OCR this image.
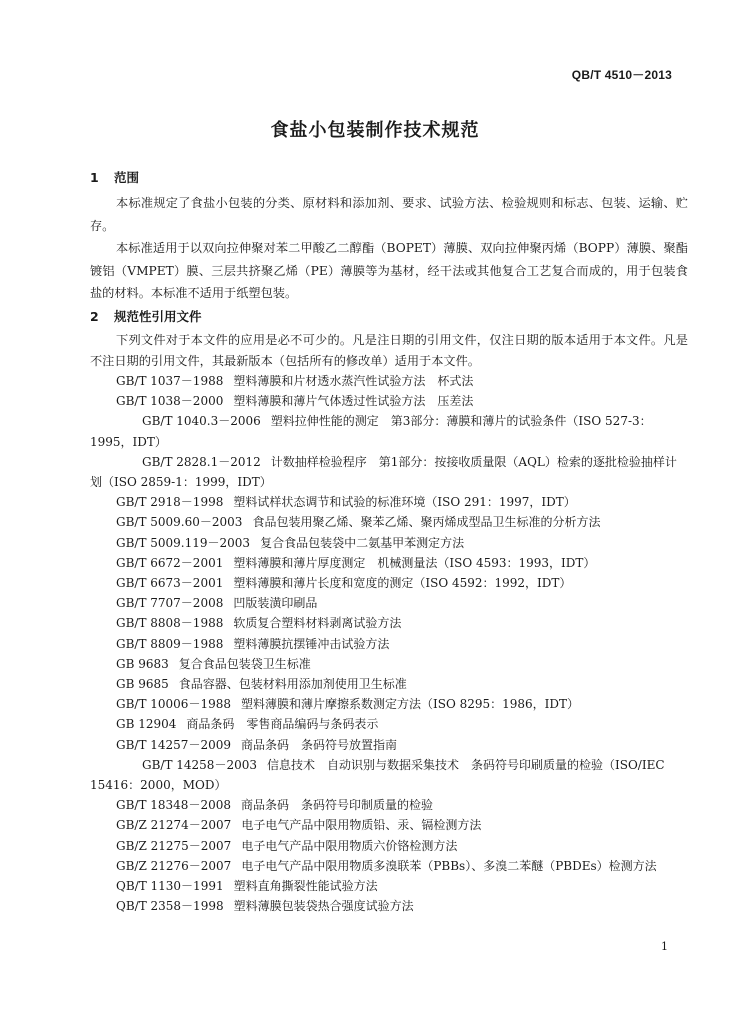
QB/T 4510－2013
食盐小包装制作技术规范
1 范围
本标准规定了食盐小包装的分类、原材料和添加剂、要求、试验方法、检验规则和标志、包装、运输、贮存。
本标准适用于以双向拉伸聚对苯二甲酸乙二醇酯（BOPET）薄膜、双向拉伸聚丙烯（BOPP）薄膜、聚酯镀铝（VMPET）膜、三层共挤聚乙烯（PE）薄膜等为基材，经干法或其他复合工艺复合而成的，用于包装食盐的材料。本标准不适用于纸塑包装。
2 规范性引用文件
下列文件对于本文件的应用是必不可少的。凡是注日期的引用文件，仅注日期的版本适用于本文件。凡是不注日期的引用文件，其最新版本（包括所有的修改单）适用于本文件。
GB/T 1037－1988 塑料薄膜和片材透水蒸汽性试验方法　杯式法
GB/T 1038－2000 塑料薄膜和薄片气体透过性试验方法　压差法
GB/T 1040.3－2006 塑料拉伸性能的测定　第3部分：薄膜和薄片的试验条件（ISO 527-3：1995，IDT）
GB/T 2828.1－2012 计数抽样检验程序　第1部分：按接收质量限（AQL）检索的逐批检验抽样计划（ISO 2859-1：1999，IDT）
GB/T 2918－1998 塑料试样状态调节和试验的标准环境（ISO 291：1997，IDT）
GB/T 5009.60－2003 食品包装用聚乙烯、聚苯乙烯、聚丙烯成型品卫生标准的分析方法
GB/T 5009.119－2003 复合食品包装袋中二氨基甲苯测定方法
GB/T 6672－2001 塑料薄膜和薄片厚度测定　机械测量法（ISO 4593：1993，IDT）
GB/T 6673－2001 塑料薄膜和薄片长度和宽度的测定（ISO 4592：1992，IDT）
GB/T 7707－2008 凹版装潢印刷品
GB/T 8808－1988 软质复合塑料材料剥离试验方法
GB/T 8809－1988 塑料薄膜抗摆锤冲击试验方法
GB 9683 复合食品包装袋卫生标准
GB 9685 食品容器、包装材料用添加剂使用卫生标准
GB/T 10006－1988 塑料薄膜和薄片摩擦系数测定方法（ISO 8295：1986，IDT）
GB 12904 商品条码　零售商品编码与条码表示
GB/T 14257－2009 商品条码　条码符号放置指南
GB/T 14258－2003 信息技术　自动识别与数据采集技术　条码符号印刷质量的检验（ISO/IEC 15416：2000，MOD）
GB/T 18348－2008 商品条码　条码符号印制质量的检验
GB/Z 21274－2007 电子电气产品中限用物质铅、汞、镉检测方法
GB/Z 21275－2007 电子电气产品中限用物质六价铬检测方法
GB/Z 21276－2007 电子电气产品中限用物质多溴联苯（PBBs）、多溴二苯醚（PBDEs）检测方法
QB/T 1130－1991 塑料直角撕裂性能试验方法
QB/T 2358－1998 塑料薄膜包装袋热合强度试验方法
1
